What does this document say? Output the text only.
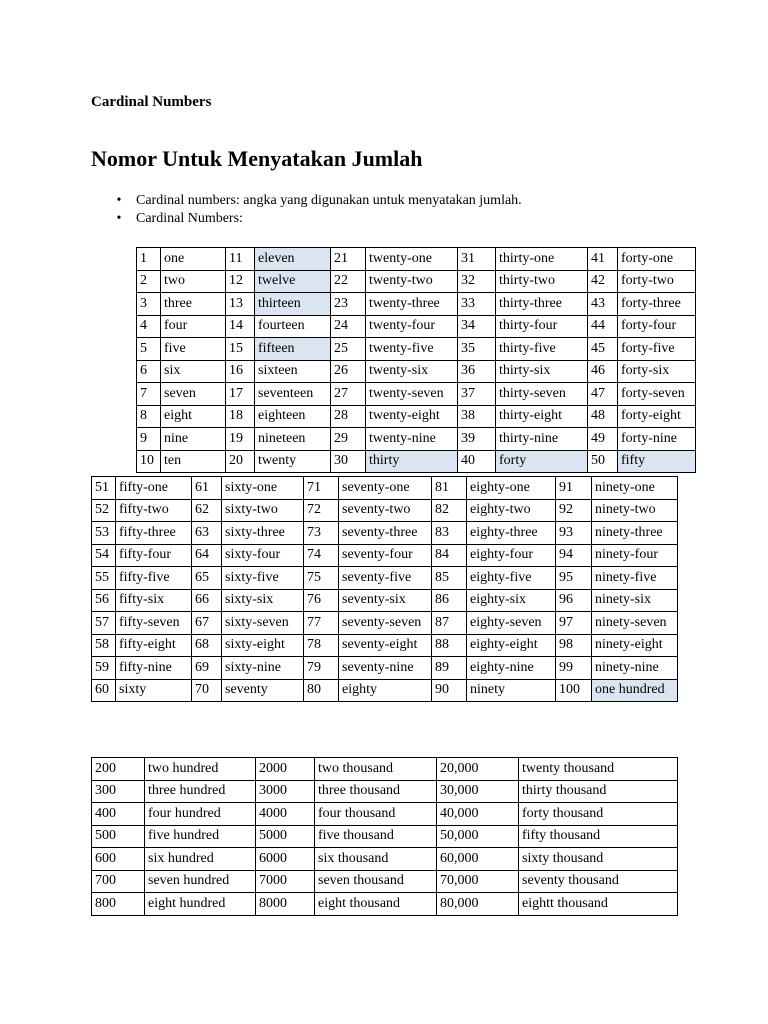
Cardinal Numbers
Nomor Untuk Menyatakan Jumlah
• Cardinal numbers: angka yang digunakan untuk menyatakan jumlah.
• Cardinal Numbers:
1	one	11	eleven	21	twenty-one	31	thirty-one	41	forty-one
2	two	12	twelve	22	twenty-two	32	thirty-two	42	forty-two
3	three	13	thirteen	23	twenty-three	33	thirty-three	43	forty-three
4	four	14	fourteen	24	twenty-four	34	thirty-four	44	forty-four
5	five	15	fifteen	25	twenty-five	35	thirty-five	45	forty-five
6	six	16	sixteen	26	twenty-six	36	thirty-six	46	forty-six
7	seven	17	seventeen	27	twenty-seven	37	thirty-seven	47	forty-seven
8	eight	18	eighteen	28	twenty-eight	38	thirty-eight	48	forty-eight
9	nine	19	nineteen	29	twenty-nine	39	thirty-nine	49	forty-nine
10	ten	20	twenty	30	thirty	40	forty	50	fifty
51	fifty-one	61	sixty-one	71	seventy-one	81	eighty-one	91	ninety-one
52	fifty-two	62	sixty-two	72	seventy-two	82	eighty-two	92	ninety-two
53	fifty-three	63	sixty-three	73	seventy-three	83	eighty-three	93	ninety-three
54	fifty-four	64	sixty-four	74	seventy-four	84	eighty-four	94	ninety-four
55	fifty-five	65	sixty-five	75	seventy-five	85	eighty-five	95	ninety-five
56	fifty-six	66	sixty-six	76	seventy-six	86	eighty-six	96	ninety-six
57	fifty-seven	67	sixty-seven	77	seventy-seven	87	eighty-seven	97	ninety-seven
58	fifty-eight	68	sixty-eight	78	seventy-eight	88	eighty-eight	98	ninety-eight
59	fifty-nine	69	sixty-nine	79	seventy-nine	89	eighty-nine	99	ninety-nine
60	sixty	70	seventy	80	eighty	90	ninety	100	one hundred
200	two hundred	2000	two thousand	20,000	twenty thousand
300	three hundred	3000	three thousand	30,000	thirty thousand
400	four hundred	4000	four thousand	40,000	forty thousand
500	five hundred	5000	five thousand	50,000	fifty thousand
600	six hundred	6000	six thousand	60,000	sixty thousand
700	seven hundred	7000	seven thousand	70,000	seventy thousand
800	eight hundred	8000	eight thousand	80,000	eightt thousand
